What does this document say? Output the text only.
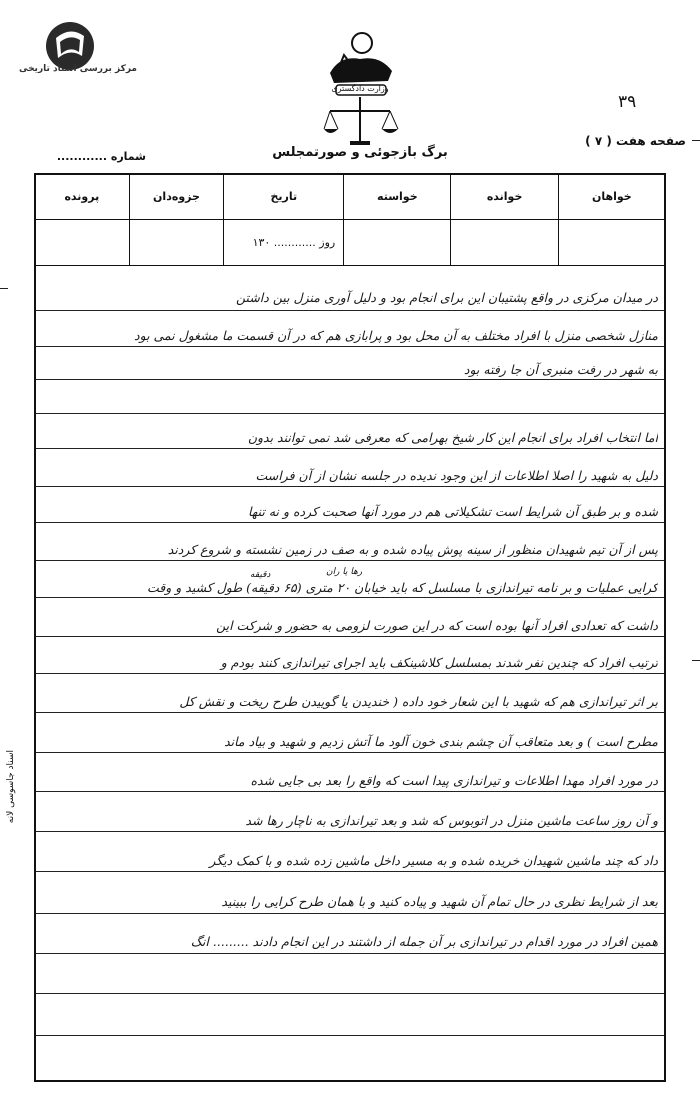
مرکز بررسی اسناد تاریخی
وزارت دادگستری
۳۹
صفحه هفت ( ۷ )
برگ بازجوئی و صورتمجلس
شماره ............
خواهان	خوانده	خواسته	تاریخ	جزوه‌دان	پرونده
			روز ............ ۱۳۰		
در میدان مرکزی در واقع پشتیبان این برای انجام بود و دلیل آوری منزل بین داشتن
منازل شخصی منزل با افراد مختلف به آن محل بود و پرابازی هم که در آن قسمت ما مشغول نمی بود
به شهر در رفت منبری آن جا رفته بود
اما انتخاب افراد برای انجام این کار شیخ بهرامی که معرفی شد نمی توانند بدون
دلیل به شهید را اصلا اطلاعات از این وجود ندیده در جلسه نشان از آن فراست
شده و بر طبق آن شرایط است تشکیلاتی هم در مورد آنها صحبت کرده و نه تنها
پس از آن تیم شهیدان منظور از سینه پوش پیاده شده و به صف در زمین نشسته و شروع کردند
کرایی عملیات و بر نامه تیراندازی با مسلسل که باید خیابان ۲۰ متری (۶۵ دقیقه) طول کشید و وقت
داشت که تعدادی افراد آنها بوده است که در این صورت لزومی به حضور و شرکت این
ترتیب افراد که چندین نفر شدند بمسلسل کلاشینکف باید اجرای تیراندازی کنند بودم و
بر اثر تیراندازی هم که شهید با این شعار خود داده ( خندیدن یا گوییدن طرح ریخت و نقش کل
مطرح است ) و بعد متعاقب آن چشم بندی خون آلود ما آتش زدیم و شهید و بیاد ماند
در مورد افراد مهدا اطلاعات و تیراندازی پیدا است که واقع را بعد بی جایی شده
و آن روز ساعت ماشین منزل در اتوبوس که شد و بعد تیراندازی به ناچار رها شد
داد که چند ماشین شهیدان خریده شده و به مسیر داخل ماشین زده شده و با کمک دیگر
بعد از شرایط نظری در حال تمام آن شهید و پیاده کنید و با همان طرح کرایی را ببینید
همین افراد در مورد اقدام در تیراندازی بر آن جمله از داشتند در این انجام دادند ......... انگ
رها یا ران
دقیقه
اسناد جاسوسی لانه
